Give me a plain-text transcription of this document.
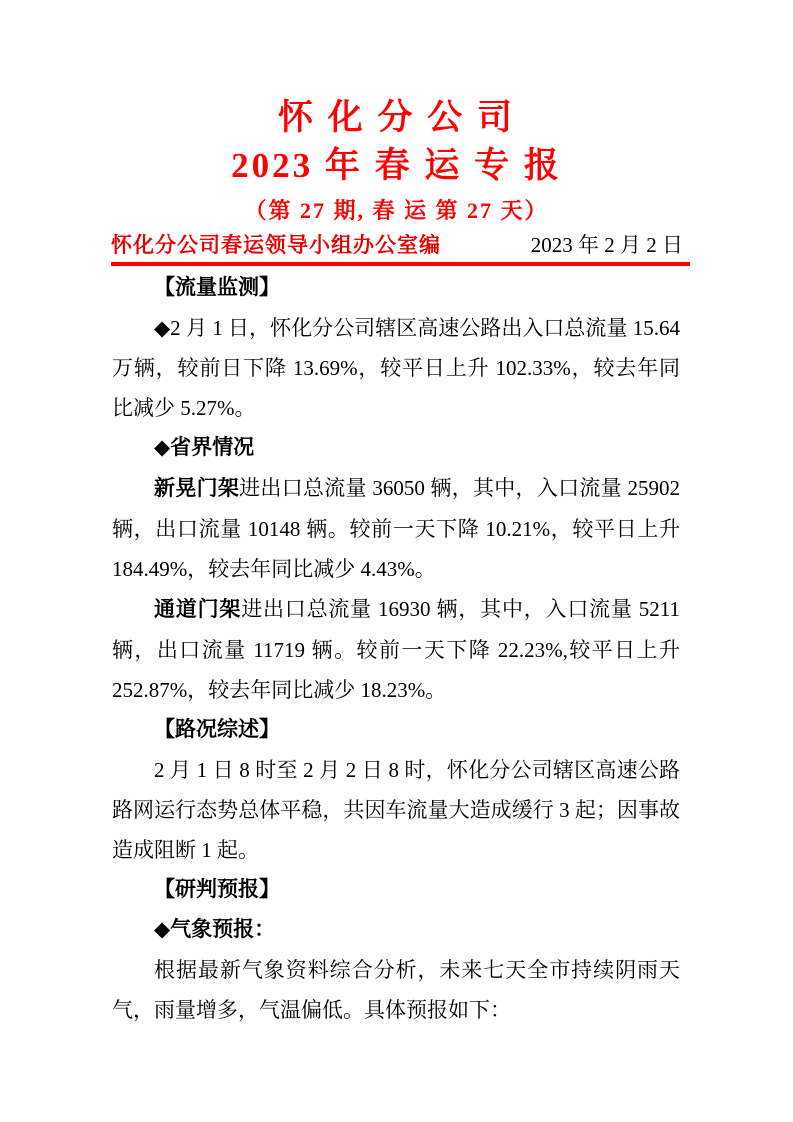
怀 化 分 公 司
2023 年 春 运 专 报
（第 27 期, 春 运 第 27 天）
怀化分公司春运领导小组办公室编	2023 年 2 月 2 日

【流量监测】

◆2 月 1 日，怀化分公司辖区高速公路出入口总流量 15.64 万辆，较前日下降 13.69%，较平日上升 102.33%，较去年同比减少 5.27%。

◆省界情况

新晃门架进出口总流量 36050 辆，其中，入口流量 25902 辆，出口流量 10148 辆。较前一天下降 10.21%，较平日上升 184.49%，较去年同比减少 4.43%。

通道门架进出口总流量 16930 辆，其中，入口流量 5211 辆，出口流量 11719 辆。较前一天下降 22.23%,较平日上升 252.87%，较去年同比减少 18.23%。

【路况综述】

2 月 1 日 8 时至 2 月 2 日 8 时，怀化分公司辖区高速公路路网运行态势总体平稳，共因车流量大造成缓行 3 起；因事故造成阻断 1 起。

【研判预报】

◆气象预报：

根据最新气象资料综合分析，未来七天全市持续阴雨天气，雨量增多，气温偏低。具体预报如下：
